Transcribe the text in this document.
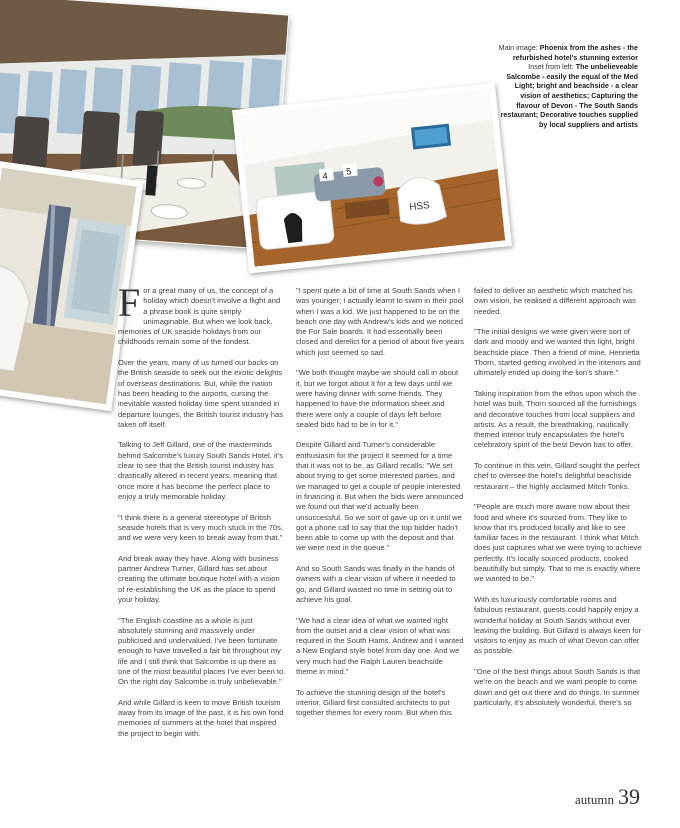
4 5
HSS
Main image: Phoenix from the ashes - the refurbished hotel's stunning exterior Inset from left: The unbelieveable Salcombe - easily the equal of the Med Light; bright and beachside - a clear vision of aesthetics; Capturing the flavour of Devon - The South Sands restaurant; Decorative touches supplied by local suppliers and artists

For a great many of us, the concept of a holiday which doesn't involve a flight and a phrase book is quite simply unimaginable. But when we look back, memories of UK seaside holidays from our childhoods remain some of the fondest.

Over the years, many of us turned our backs on the British seaside to seek out the exotic delights of overseas destinations. But, while the nation has been heading to the airports, cursing the inevitable wasted holiday time spent stranded in departure lounges, the British tourist industry has taken off itself.

Talking to Jeff Gillard, one of the masterminds behind Salcombe's luxury South Sands Hotel, it's clear to see that the British tourist industry has drastically altered in recent years, meaning that once more it has become the perfect place to enjoy a truly memorable holiday.

"I think there is a general stereotype of British seaside hotels that is very much stuck in the 70s, and we were very keen to break away from that."

And break away they have. Along with business partner Andrew Turner, Gillard has set about creating the ultimate boutique hotel with a vision of re-establishing the UK as the place to spend your holiday.

"The English coastline as a whole is just absolutely stunning and massively under publicised and undervalued. I've been fortunate enough to have travelled a fair bit throughout my life and I still think that Salcombe is up there as one of the most beautiful places I've ever been to. On the right day Salcombe is truly unbelievable."

And while Gillard is keen to move British tourism away from its image of the past, it is his own fond memories of summers at the hotel that inspired the project to begin with.

"I spent quite a bit of time at South Sands when I was younger; I actually learnt to swim in their pool when I was a kid. We just happened to be on the beach one day with Andrew's kids and we noticed the For Sale boards. It had essentially been closed and derelict for a period of about five years which just seemed so sad.

"We both thought maybe we should call in about it, but we forgot about it for a few days until we were having dinner with some friends. They happened to have the information sheet and there were only a couple of days left before sealed bids had to be in for it."

Despite Gillard and Turner's considerable enthusiasm for the project it seemed for a time that it was not to be, as Gillard recalls: "We set about trying to get some interested parties, and we managed to get a couple of people interested in financing it. But when the bids were announced we found out that we'd actually been unsuccessful. So we sort of gave up on it until we got a phone call to say that the top bidder hadn't been able to come up with the deposit and that we were next in the queue."

And so South Sands was finally in the hands of owners with a clear vision of where it needed to go, and Gillard wasted no time in setting out to achieve his goal.

"We had a clear idea of what we wanted right from the outset and a clear vision of what was required in the South Hams. Andrew and I wanted a New England style hotel from day one. And we very much had the Ralph Lauren beachside theme in mind."

To achieve the stunning design of the hotel's interior, Gillard first consulted architects to put together themes for every room. But when this

failed to deliver an aesthetic which matched his own vision, he realised a different approach was needed.

"The initial designs we were given were sort of dark and moody and we wanted this light, bright beachside place. Then a friend of mine, Henrietta Thorn, started getting involved in the interiors and ultimately ended up doing the lion's share."

Taking inspiration from the ethos upon which the hotel was built, Thorn sourced all the furnishings and decorative touches from local suppliers and artists. As a result, the breathtaking, nautically themed interior truly encapsulates the hotel's celebratory spirit of the best Devon has to offer.

To continue in this vein, Gillard sought the perfect chef to oversee the hotel's delightful beachside restaurant – the highly acclaimed Mitch Tonks.

"People are much more aware now about their food and where it's sourced from. They like to know that it's produced locally and like to see familiar faces in the restaurant. I think what Mitch does just captures what we were trying to achieve perfectly. It's locally sourced products, cooked beautifully but simply. That to me is exactly where we wanted to be."

With its luxuriously comfortable rooms and fabulous restaurant, guests could happily enjoy a wonderful holiday at South Sands without ever leaving the building. But Gillard is always keen for visitors to enjoy as much of what Devon can offer as possible.

"One of the best things about South Sands is that we're on the beach and we want people to come down and get out there and do things. In summer particularly, it's absolutely wonderful, there's so

autumn 39
